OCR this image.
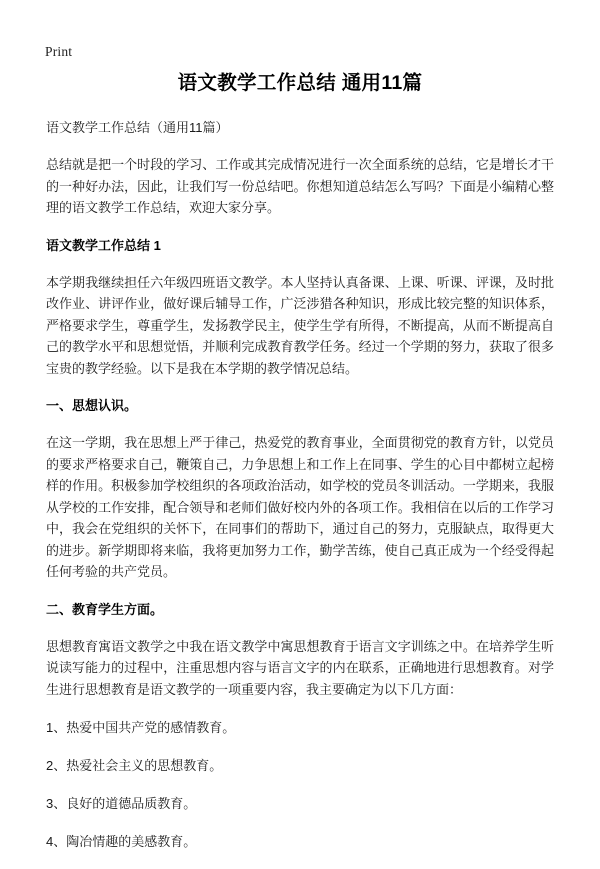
Print
语文教学工作总结 通用11篇

语文教学工作总结（通用11篇）

总结就是把一个时段的学习、工作或其完成情况进行一次全面系统的总结，它是增长才干的一种好办法，因此，让我们写一份总结吧。你想知道总结怎么写吗？下面是小编精心整理的语文教学工作总结，欢迎大家分享。

语文教学工作总结 1

本学期我继续担任六年级四班语文教学。本人坚持认真备课、上课、听课、评课，及时批改作业、讲评作业，做好课后辅导工作，广泛涉猎各种知识，形成比较完整的知识体系，严格要求学生，尊重学生，发扬教学民主，使学生学有所得，不断提高，从而不断提高自己的教学水平和思想觉悟，并顺利完成教育教学任务。经过一个学期的努力，获取了很多宝贵的教学经验。以下是我在本学期的教学情况总结。

一、思想认识。

在这一学期，我在思想上严于律己，热爱党的教育事业，全面贯彻党的教育方针，以党员的要求严格要求自己，鞭策自己，力争思想上和工作上在同事、学生的心目中都树立起榜样的作用。积极参加学校组织的各项政治活动，如学校的党员冬训活动。一学期来，我服从学校的工作安排，配合领导和老师们做好校内外的各项工作。我相信在以后的工作学习中，我会在党组织的关怀下，在同事们的帮助下，通过自己的努力，克服缺点，取得更大的进步。新学期即将来临，我将更加努力工作，勤学苦练，使自己真正成为一个经受得起任何考验的共产党员。

二、教育学生方面。

思想教育寓语文教学之中我在语文教学中寓思想教育于语言文字训练之中。在培养学生听说读写能力的过程中，注重思想内容与语言文字的内在联系，正确地进行思想教育。对学生进行思想教育是语文教学的一项重要内容，我主要确定为以下几方面：

1、热爱中国共产党的感情教育。

2、热爱社会主义的思想教育。

3、良好的道德品质教育。

4、陶冶情趣的美感教育。
